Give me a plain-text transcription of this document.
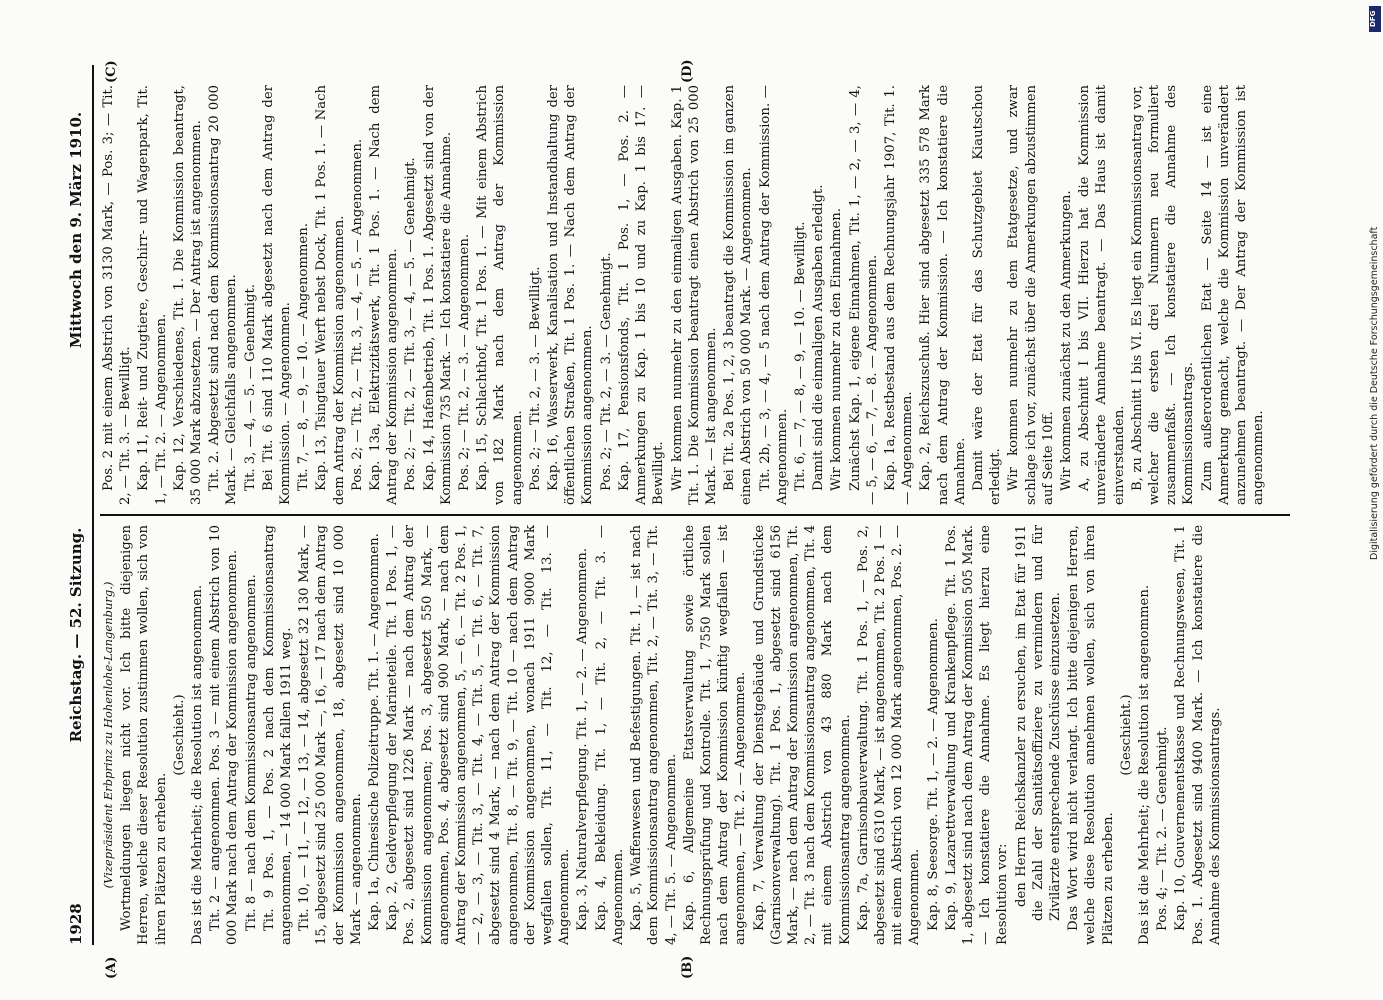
1928
Reichstag. — 52. Sitzung.
Mittwoch den 9. März 1910.
(A)	(B)
(C)	(D)

(Vizepräsident Erbprinz zu Hohenlohe-Langenburg.) Wortmeldungen liegen nicht vor. Ich bitte diejenigen Herren, welche dieser Resolution zustimmen wollen, sich von ihren Plätzen zu erheben.

(Geschieht.) Das ist die Mehrheit; die Resolution ist angenommen. Tit. 2 — angenommen. Pos. 3 — mit einem Abstrich von 10 000 Mark nach dem Antrag der Kommission angenommen. Tit. 8 — nach dem Kommissionsantrag angenommen. Tit. 9 Pos. 1, — Pos. 2 nach dem Kommissionsantrag angenommen, — 14 000 Mark fallen 1911 weg. Tit. 10, — 11, — 12, — 13, — 14, abgesetzt 32 130 Mark, — 15, abgesetzt sind 25 000 Mark —, 16, — 17 nach dem Antrag der Kommission angenommen, 18, abgesetzt sind 10 000 Mark — angenommen. Kap. 1a, Chinesische Polizeitruppe. Tit. 1. — Angenommen. Kap. 2, Geldverpflegung der Marineteile. Tit. 1 Pos. 1, — Pos. 2, abgesetzt sind 1226 Mark — nach dem Antrag der Kommission angenommen; Pos. 3, abgesetzt 550 Mark, — angenommen, Pos. 4, abgesetzt sind 900 Mark, — nach dem Antrag der Kommission angenommen, 5, — 6. — Tit. 2 Pos. 1, — 2, — 3, — Tit. 3, — Tit. 4, — Tit. 5, — Tit. 6, — Tit. 7, abgesetzt sind 4 Mark, — nach dem Antrag der Kommission angenommen, Tit. 8, — Tit. 9, — Tit. 10 — nach dem Antrag der Kommission angenommen, wonach 1911 9000 Mark wegfallen sollen, Tit. 11, — Tit. 12, — Tit. 13. — Angenommen. Kap. 3, Naturalverpflegung. Tit. 1, — 2. — Angenommen. Kap. 4, Bekleidung. Tit. 1, — Tit. 2, — Tit. 3. — Angenommen. Kap. 5, Waffenwesen und Befestigungen. Tit. 1, — ist nach dem Kommissionsantrag angenommen, Tit. 2, — Tit. 3, — Tit. 4, — Tit. 5. — Angenommen. Kap. 6, Allgemeine Etatsverwaltung sowie örtliche Rechnungsprüfung und Kontrolle. Tit. 1, 7550 Mark sollen nach dem Antrag der Kommission künftig wegfallen — ist angenommen, — Tit. 2. — Angenommen. Kap. 7, Verwaltung der Dienstgebäude und Grundstücke (Garnisonverwaltung). Tit. 1 Pos. 1, abgesetzt sind 6156 Mark, — nach dem Antrag der Kommission angenommen, Tit. 2, — Tit. 3 nach dem Kommissionsantrag angenommen, Tit. 4 mit einem Abstrich von 43 880 Mark nach dem Kommissionsantrag angenommen. Kap. 7a, Garnisonbauverwaltung. Tit. 1 Pos. 1, — Pos. 2, abgesetzt sind 6310 Mark, — ist angenommen, Tit. 2 Pos. 1 — mit einem Abstrich von 12 000 Mark angenommen, Pos. 2. — Angenommen. Kap. 8, Seesorge. Tit. 1, — 2. — Angenommen. Kap. 9, Lazarettverwaltung und Krankenpflege. Tit. 1 Pos. 1, abgesetzt sind nach dem Antrag der Kommission 505 Mark. — Ich konstatiere die Annahme. Es liegt hierzu eine Resolution vor: den Herrn Reichskanzler zu ersuchen, im Etat für 1911 die Zahl der Sanitätsoffiziere zu vermindern und für Zivilärzte entsprechende Zuschüsse einzusetzen. Das Wort wird nicht verlangt. Ich bitte diejenigen Herren, welche diese Resolution annehmen wollen, sich von ihren Plätzen zu erheben.

(Geschieht.) Das ist die Mehrheit; die Resolution ist angenommen. Pos. 4; — Tit. 2. — Genehmigt. Kap. 10, Gouvernementskasse und Rechnungswesen, Tit. 1 Pos. 1. Abgesetzt sind 9400 Mark. — Ich konstatiere die Annahme des Kommissionsantrags.

Pos. 2 mit einem Abstrich von 3130 Mark, — Pos. 3; — Tit. 2, — Tit. 3. — Bewilligt. Kap. 11, Reit- und Zugtiere, Geschirr- und Wagenpark, Tit. 1, — Tit. 2. — Angenommen. Kap. 12, Verschiedenes, Tit. 1. Die Kommission beantragt, 35 000 Mark abzusetzen. — Der Antrag ist angenommen. Tit. 2. Abgesetzt sind nach dem Kommissionsantrag 20 000 Mark. — Gleichfalls angenommen. Tit. 3, — 4, — 5. — Genehmigt. Bei Tit. 6 sind 110 Mark abgesetzt nach dem Antrag der Kommission. — Angenommen. Tit. 7, — 8, — 9, — 10. — Angenommen. Kap. 13, Tsingtauer Werft nebst Dock, Tit. 1 Pos. 1. — Nach dem Antrag der Kommission angenommen. Pos. 2; — Tit. 2, — Tit. 3, — 4, — 5. — Angenommen. Kap. 13a, Elektrizitätswerk, Tit. 1 Pos. 1. — Nach dem Antrag der Kommission angenommen. Pos. 2; — Tit. 2, — Tit. 3, — 4, — 5. — Genehmigt. Kap. 14, Hafenbetrieb, Tit. 1 Pos. 1. Abgesetzt sind von der Kommission 735 Mark. — Ich konstatiere die Annahme. Pos. 2; — Tit. 2, — 3. — Angenommen. Kap. 15, Schlachthof, Tit. 1 Pos. 1. — Mit einem Abstrich von 182 Mark nach dem Antrag der Kommission angenommen. Pos. 2; — Tit. 2, — 3. — Bewilligt. Kap. 16, Wasserwerk, Kanalisation und Instandhaltung der öffentlichen Straßen, Tit. 1 Pos. 1. — Nach dem Antrag der Kommission angenommen. Pos. 2; — Tit. 2, — 3. — Genehmigt. Kap. 17, Pensionsfonds, Tit. 1 Pos. 1, — Pos. 2. — Anmerkungen zu Kap. 1 bis 10 und zu Kap. 1 bis 17. — Bewilligt. Wir kommen nunmehr zu den einmaligen Ausgaben. Kap. 1 Tit. 1. Die Kommission beantragt einen Abstrich von 25 000 Mark. — Ist angenommen. Bei Tit. 2a Pos. 1, 2, 3 beantragt die Kommission im ganzen einen Abstrich von 50 000 Mark. — Angenommen. Tit. 2b, — 3, — 4, — 5 nach dem Antrag der Kommission. — Angenommen. Tit. 6, — 7, — 8, — 9, — 10. — Bewilligt. Damit sind die einmaligen Ausgaben erledigt. Wir kommen nunmehr zu den Einnahmen. Zunächst Kap. 1, eigene Einnahmen, Tit. 1, — 2, — 3, — 4, — 5, — 6, — 7, — 8. — Angenommen. Kap. 1a, Restbestand aus dem Rechnungsjahr 1907, Tit. 1. — Angenommen. Kap. 2, Reichszuschuß. Hier sind abgesetzt 335 578 Mark nach dem Antrag der Kommission. — Ich konstatiere die Annahme. Damit wäre der Etat für das Schutzgebiet Kiautschou erledigt. Wir kommen nunmehr zu dem Etatgesetze, und zwar schlage ich vor, zunächst über die Anmerkungen abzustimmen auf Seite 10ff. Wir kommen zunächst zu den Anmerkungen. A, zu Abschnitt I bis VII. Hierzu hat die Kommission unveränderte Annahme beantragt. — Das Haus ist damit einverstanden. B, zu Abschnitt I bis VI. Es liegt ein Kommissionsantrag vor, welcher die ersten drei Nummern neu formuliert zusammenfaßt. — Ich konstatiere die Annahme des Kommissionsantrags. Zum außerordentlichen Etat — Seite 14 — ist eine Anmerkung gemacht, welche die Kommission unverändert anzunehmen beantragt. — Der Antrag der Kommission ist angenommen.

DFG
Digitalisierung gefördert durch die Deutsche Forschungsgemeinschaft
